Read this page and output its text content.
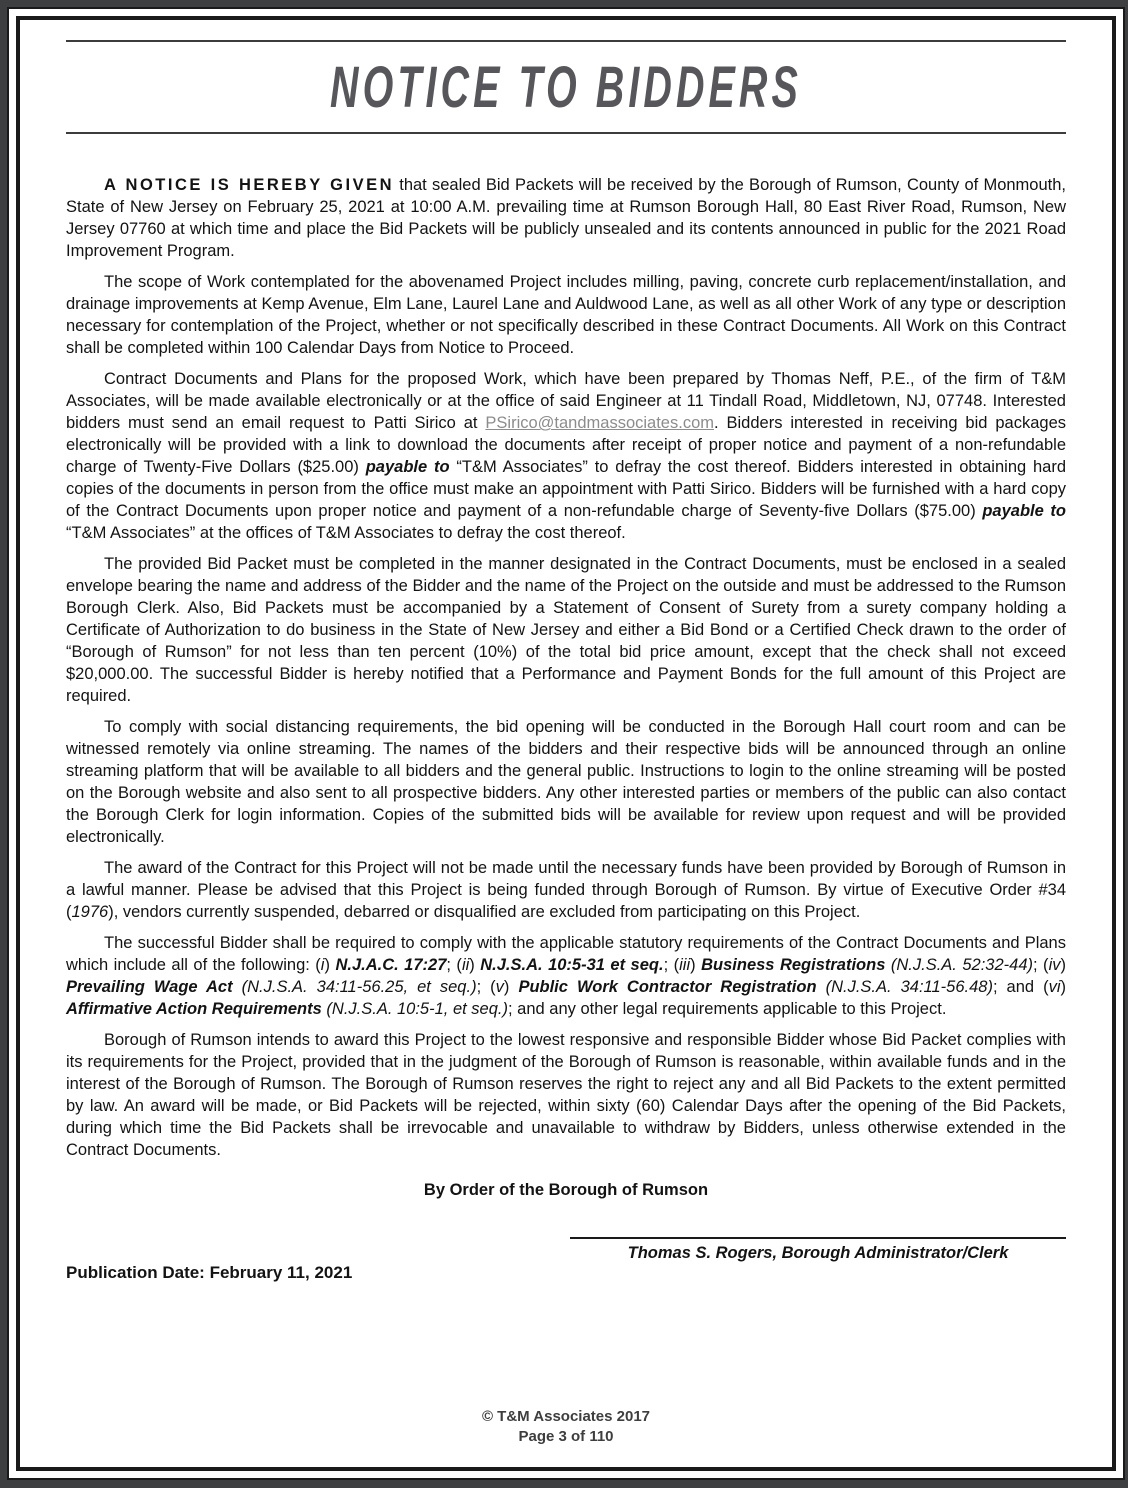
NOTICE TO BIDDERS

A NOTICE IS HEREBY GIVEN that sealed Bid Packets will be received by the Borough of Rumson, County of Monmouth, State of New Jersey on February 25, 2021 at 10:00 A.M. prevailing time at Rumson Borough Hall, 80 East River Road, Rumson, New Jersey 07760 at which time and place the Bid Packets will be publicly unsealed and its contents announced in public for the 2021 Road Improvement Program.

The scope of Work contemplated for the abovenamed Project includes milling, paving, concrete curb replacement/installation, and drainage improvements at Kemp Avenue, Elm Lane, Laurel Lane and Auldwood Lane, as well as all other Work of any type or description necessary for contemplation of the Project, whether or not specifically described in these Contract Documents. All Work on this Contract shall be completed within 100 Calendar Days from Notice to Proceed.

Contract Documents and Plans for the proposed Work, which have been prepared by Thomas Neff, P.E., of the firm of T&M Associates, will be made available electronically or at the office of said Engineer at 11 Tindall Road, Middletown, NJ, 07748. Interested bidders must send an email request to Patti Sirico at PSirico@tandmassociates.com. Bidders interested in receiving bid packages electronically will be provided with a link to download the documents after receipt of proper notice and payment of a non-refundable charge of Twenty-Five Dollars ($25.00) payable to “T&M Associates” to defray the cost thereof. Bidders interested in obtaining hard copies of the documents in person from the office must make an appointment with Patti Sirico. Bidders will be furnished with a hard copy of the Contract Documents upon proper notice and payment of a non-refundable charge of Seventy-five Dollars ($75.00) payable to “T&M Associates” at the offices of T&M Associates to defray the cost thereof.

The provided Bid Packet must be completed in the manner designated in the Contract Documents, must be enclosed in a sealed envelope bearing the name and address of the Bidder and the name of the Project on the outside and must be addressed to the Rumson Borough Clerk. Also, Bid Packets must be accompanied by a Statement of Consent of Surety from a surety company holding a Certificate of Authorization to do business in the State of New Jersey and either a Bid Bond or a Certified Check drawn to the order of “Borough of Rumson” for not less than ten percent (10%) of the total bid price amount, except that the check shall not exceed $20,000.00. The successful Bidder is hereby notified that a Performance and Payment Bonds for the full amount of this Project are required.

To comply with social distancing requirements, the bid opening will be conducted in the Borough Hall court room and can be witnessed remotely via online streaming. The names of the bidders and their respective bids will be announced through an online streaming platform that will be available to all bidders and the general public. Instructions to login to the online streaming will be posted on the Borough website and also sent to all prospective bidders. Any other interested parties or members of the public can also contact the Borough Clerk for login information. Copies of the submitted bids will be available for review upon request and will be provided electronically.

The award of the Contract for this Project will not be made until the necessary funds have been provided by Borough of Rumson in a lawful manner. Please be advised that this Project is being funded through Borough of Rumson. By virtue of Executive Order #34 (1976), vendors currently suspended, debarred or disqualified are excluded from participating on this Project.

The successful Bidder shall be required to comply with the applicable statutory requirements of the Contract Documents and Plans which include all of the following: (i) N.J.A.C. 17:27; (ii) N.J.S.A. 10:5-31 et seq.; (iii) Business Registrations (N.J.S.A. 52:32-44); (iv) Prevailing Wage Act (N.J.S.A. 34:11-56.25, et seq.); (v) Public Work Contractor Registration (N.J.S.A. 34:11-56.48); and (vi) Affirmative Action Requirements (N.J.S.A. 10:5-1, et seq.); and any other legal requirements applicable to this Project.

Borough of Rumson intends to award this Project to the lowest responsive and responsible Bidder whose Bid Packet complies with its requirements for the Project, provided that in the judgment of the Borough of Rumson is reasonable, within available funds and in the interest of the Borough of Rumson. The Borough of Rumson reserves the right to reject any and all Bid Packets to the extent permitted by law. An award will be made, or Bid Packets will be rejected, within sixty (60) Calendar Days after the opening of the Bid Packets, during which time the Bid Packets shall be irrevocable and unavailable to withdraw by Bidders, unless otherwise extended in the Contract Documents.

By Order of the Borough of Rumson
Thomas S. Rogers, Borough Administrator/Clerk
Publication Date: February 11, 2021
© T&M Associates 2017
Page 3 of 110
